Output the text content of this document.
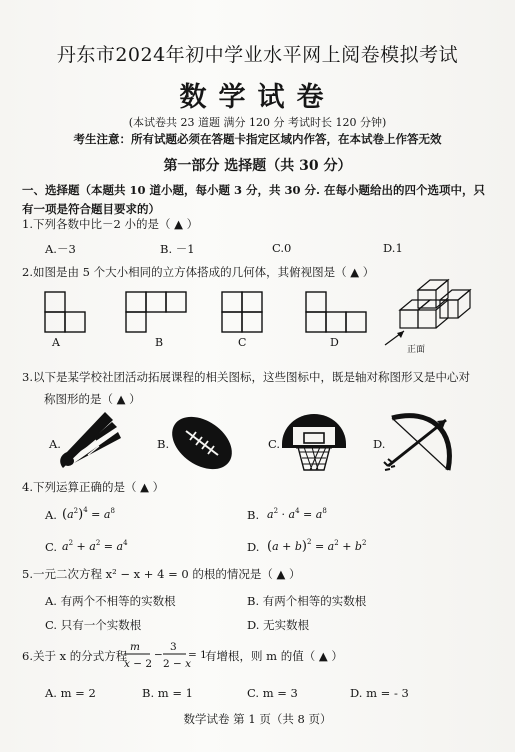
丹东市2024年初中学业水平网上阅卷模拟考试
数学试卷
(本试卷共 23 道题 满分 120 分 考试时长 120 分钟)
考生注意：所有试题必须在答题卡指定区域内作答，在本试卷上作答无效
第一部分 选择题（共 30 分）
一、选择题（本题共 10 道小题，每小题 3 分，共 30 分. 在每小题给出的四个选项中，只有一项是符合题目要求的）
1.下列各数中比－2 小的是（ ▲ ）
A.－3	B. －1	C.0	D.1
2.如图是由 5 个大小相同的立方体搭成的几何体，其俯视图是（ ▲ ）
A	B	C	D
正面
3.以下是某学校社团活动拓展课程的相关图标，这些图标中，既是轴对称图形又是中心对
称图形的是（ ▲ ）
A.	B.	C.	D.
4.下列运算正确的是（ ▲ ）
A.	B.
C.	D.
$(a^2)^4 = a^8$	$a^2 \cdot a^4 = a^8$
$a^2 + a^2 = a^4$	$(a + b)^2 = a^2 + b^2$
5.一元二次方程 x² − x + 4 = 0 的根的情况是（ ▲ ）
A. 有两个不相等的实数根	B. 有两个相等的实数根
C. 只有一个实数根	D. 无实数根
6.关于 x 的分式方程
m
x − 2
−
3
2 − x
= 1
有增根，则 m 的值（ ▲ ）
A. m = 2	B. m = 1	C. m = 3	D. m = - 3
数学试卷 第 1 页（共 8 页）
